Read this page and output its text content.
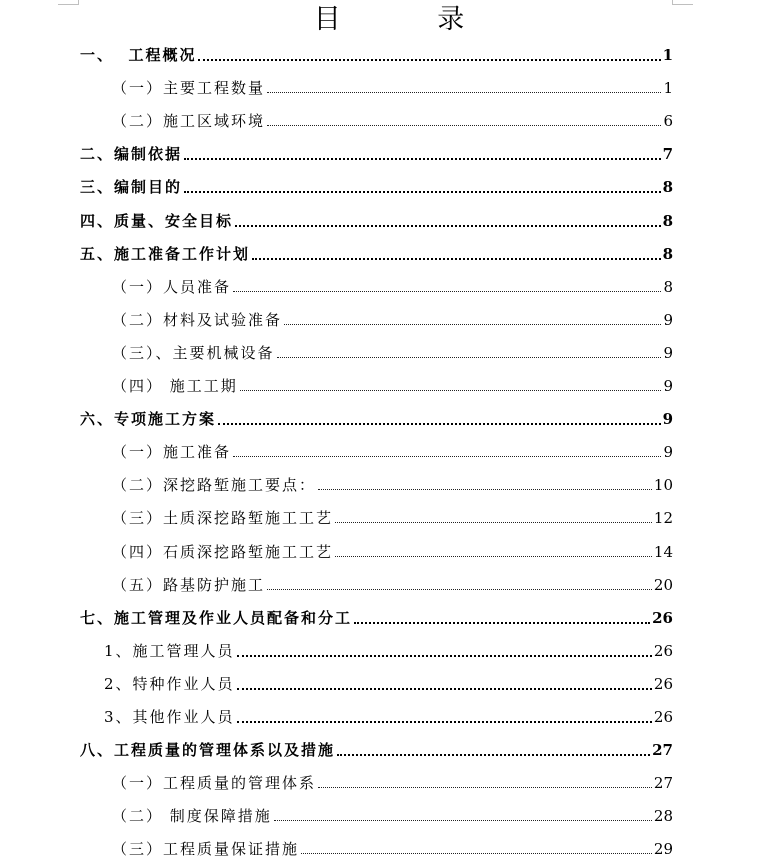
目 录
一、  工程概况	1
（一）主要工程数量	1
（二）施工区域环境	6
二、编制依据	7
三、编制目的	8
四、质量、安全目标	8
五、施工准备工作计划	8
（一）人员准备	8
（二）材料及试验准备	9
（三）、主要机械设备	9
（四） 施工工期	9
六、专项施工方案	9
（一）施工准备	9
（二）深挖路堑施工要点：	10
（三）土质深挖路堑施工工艺	12
（四）石质深挖路堑施工工艺	14
（五）路基防护施工	20
七、施工管理及作业人员配备和分工	26
1、施工管理人员	26
2、特种作业人员	26
3、其他作业人员	26
八、工程质量的管理体系以及措施	27
（一）工程质量的管理体系	27
（二） 制度保障措施	28
（三）工程质量保证措施	29
